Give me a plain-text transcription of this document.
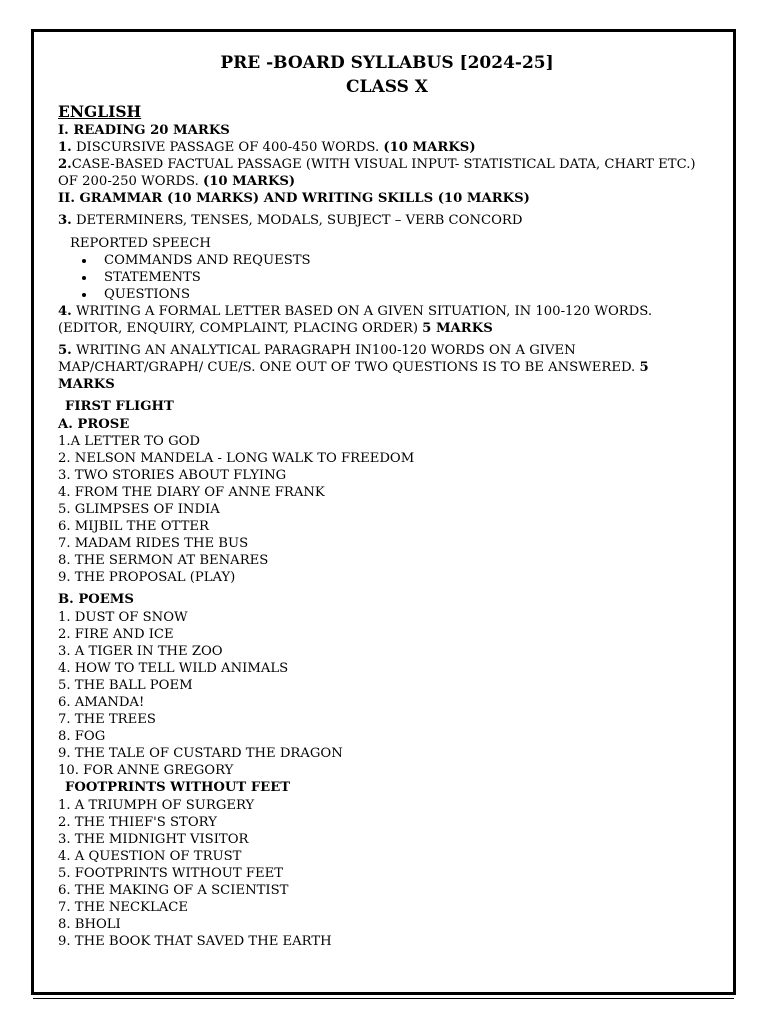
PRE -BOARD SYLLABUS [2024-25]
CLASS X
ENGLISH
I. READING 20 MARKS
1. DISCURSIVE PASSAGE OF 400-450 WORDS. (10 MARKS)
2.CASE-BASED FACTUAL PASSAGE (WITH VISUAL INPUT- STATISTICAL DATA, CHART ETC.) OF 200-250 WORDS. (10 MARKS)
II. GRAMMAR (10 MARKS) AND WRITING SKILLS (10 MARKS)
3. DETERMINERS, TENSES, MODALS, SUBJECT – VERB CONCORD
REPORTED SPEECH
COMMANDS AND REQUESTS
STATEMENTS
QUESTIONS
4. WRITING A FORMAL LETTER BASED ON A GIVEN SITUATION, IN 100-120 WORDS. (EDITOR, ENQUIRY, COMPLAINT, PLACING ORDER) 5 MARKS
5. WRITING AN ANALYTICAL PARAGRAPH IN100-120 WORDS ON A GIVEN MAP/CHART/GRAPH/ CUE/S. ONE OUT OF TWO QUESTIONS IS TO BE ANSWERED. 5 MARKS
FIRST FLIGHT
A. PROSE
1.A LETTER TO GOD
2. NELSON MANDELA - LONG WALK TO FREEDOM
3. TWO STORIES ABOUT FLYING
4. FROM THE DIARY OF ANNE FRANK
5. GLIMPSES OF INDIA
6. MIJBIL THE OTTER
7. MADAM RIDES THE BUS
8. THE SERMON AT BENARES
9. THE PROPOSAL (PLAY)
B. POEMS
1. DUST OF SNOW
2. FIRE AND ICE
3. A TIGER IN THE ZOO
4. HOW TO TELL WILD ANIMALS
5. THE BALL POEM
6. AMANDA!
7. THE TREES
8. FOG
9. THE TALE OF CUSTARD THE DRAGON
10. FOR ANNE GREGORY
FOOTPRINTS WITHOUT FEET
1. A TRIUMPH OF SURGERY
2. THE THIEF'S STORY
3. THE MIDNIGHT VISITOR
4. A QUESTION OF TRUST
5. FOOTPRINTS WITHOUT FEET
6. THE MAKING OF A SCIENTIST
7. THE NECKLACE
8. BHOLI
9. THE BOOK THAT SAVED THE EARTH
